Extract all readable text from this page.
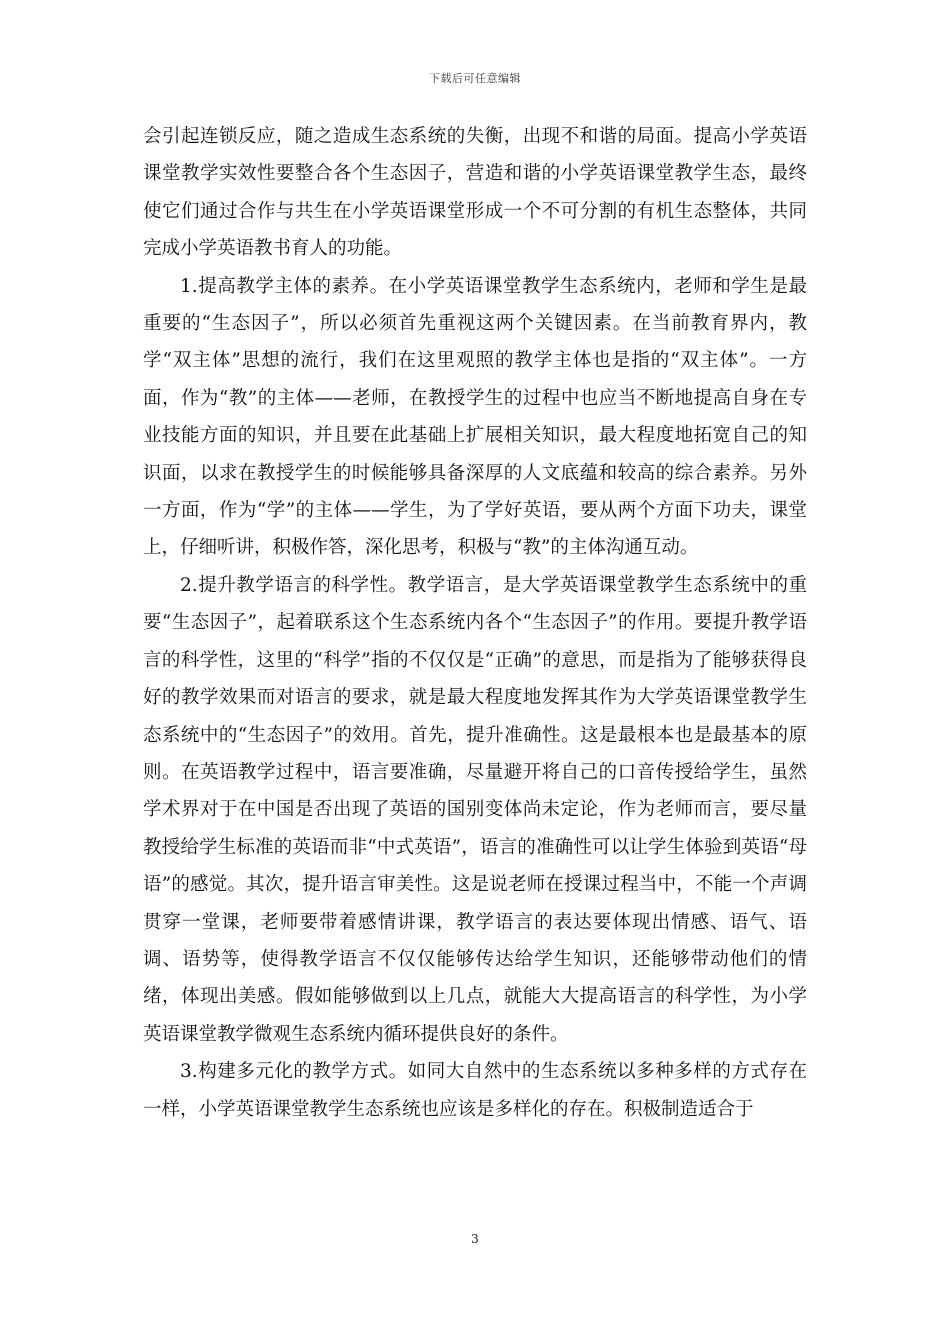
下载后可任意编辑

会引起连锁反应，随之造成生态系统的失衡，出现不和谐的局面。提高小学英语课堂教学实效性要整合各个生态因子，营造和谐的小学英语课堂教学生态，最终使它们通过合作与共生在小学英语课堂形成一个不可分割的有机生态整体，共同完成小学英语教书育人的功能。

1.提高教学主体的素养。在小学英语课堂教学生态系统内，老师和学生是最重要的“生态因子”，所以必须首先重视这两个关键因素。在当前教育界内，教学“双主体”思想的流行，我们在这里观照的教学主体也是指的“双主体”。一方面，作为“教”的主体——老师，在教授学生的过程中也应当不断地提高自身在专业技能方面的知识，并且要在此基础上扩展相关知识，最大程度地拓宽自己的知识面，以求在教授学生的时候能够具备深厚的人文底蕴和较高的综合素养。另外一方面，作为“学”的主体——学生，为了学好英语，要从两个方面下功夫，课堂上，仔细听讲，积极作答，深化思考，积极与“教”的主体沟通互动。

2.提升教学语言的科学性。教学语言，是大学英语课堂教学生态系统中的重要“生态因子”，起着联系这个生态系统内各个“生态因子”的作用。要提升教学语言的科学性，这里的“科学”指的不仅仅是“正确”的意思，而是指为了能够获得良好的教学效果而对语言的要求，就是最大程度地发挥其作为大学英语课堂教学生态系统中的“生态因子”的效用。首先，提升准确性。这是最根本也是最基本的原则。在英语教学过程中，语言要准确，尽量避开将自己的口音传授给学生，虽然学术界对于在中国是否出现了英语的国别变体尚未定论，作为老师而言，要尽量教授给学生标准的英语而非“中式英语”，语言的准确性可以让学生体验到英语“母语”的感觉。其次，提升语言审美性。这是说老师在授课过程当中，不能一个声调贯穿一堂课，老师要带着感情讲课，教学语言的表达要体现出情感、语气、语调、语势等，使得教学语言不仅仅能够传达给学生知识，还能够带动他们的情绪，体现出美感。假如能够做到以上几点，就能大大提高语言的科学性，为小学英语课堂教学微观生态系统内循环提供良好的条件。

3.构建多元化的教学方式。如同大自然中的生态系统以多种多样的方式存在一样，小学英语课堂教学生态系统也应该是多样化的存在。积极制造适合于

3
